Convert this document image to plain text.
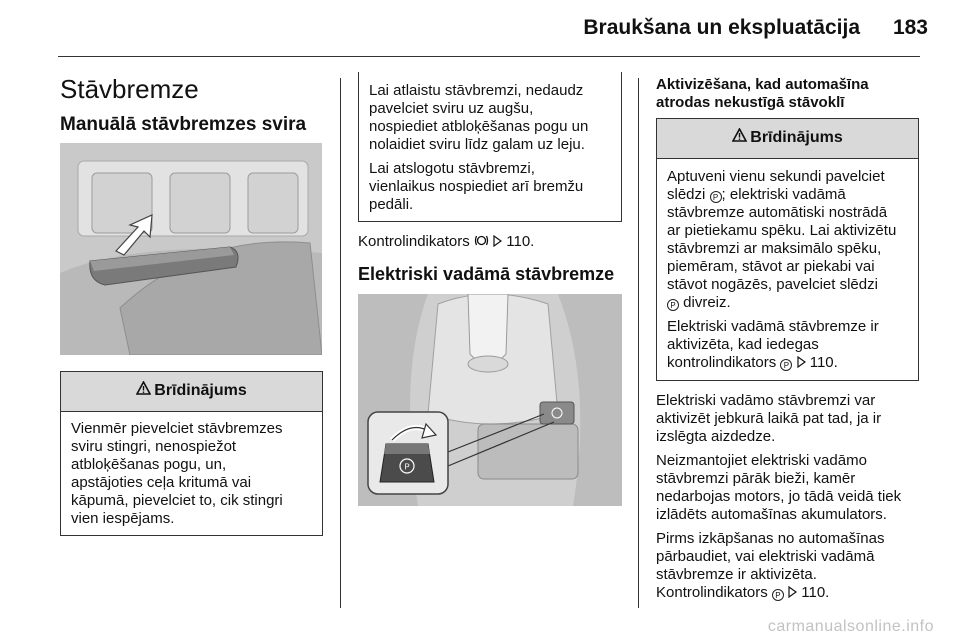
Braukšana un ekspluatācija	183
Stāvbremze
Manuālā stāvbremzes svira
Brīdinājums
Vienmēr pievelciet stāvbremzes
sviru stingri, nenospiežot
atbloķēšanas pogu, un,
apstājoties ceļa kritumā vai
kāpumā, pievelciet to, cik stingri
vien iespējams.
Lai atlaistu stāvbremzi, nedaudz
pavelciet sviru uz augšu,
nospiediet atbloķēšanas pogu un
nolaidiet sviru līdz galam uz leju.
Lai atslogotu stāvbremzi,
vienlaikus nospiediet arī bremžu
pedāli.
Kontrolindikators 110.
Elektriski vadāmā stāvbremze
P
Aktivizēšana, kad automašīna
atrodas nekustīgā stāvoklī
Brīdinājums
Aptuveni vienu sekundi pavelciet
slēdzi P ; elektriski vadāmā
stāvbremze automātiski nostrādā
ar pietiekamu spēku. Lai aktivizētu
stāvbremzi ar maksimālo spēku,
piemēram, stāvot ar piekabi vai
stāvot nogāzēs, pavelciet slēdzi
P divreiz.
Elektriski vadāmā stāvbremze ir
aktivizēta, kad iedegas
kontrolindikators P 110.
Elektriski vadāmo stāvbremzi var
aktivizēt jebkurā laikā pat tad, ja ir
izslēgta aizdedze.
Neizmantojiet elektriski vadāmo
stāvbremzi pārāk bieži, kamēr
nedarbojas motors, jo tādā veidā tiek
izlādēts automašīnas akumulators.
Pirms izkāpšanas no automašīnas
pārbaudiet, vai elektriski vadāmā
stāvbremze ir aktivizēta.
Kontrolindikators P 110.
carmanualsonline.info
